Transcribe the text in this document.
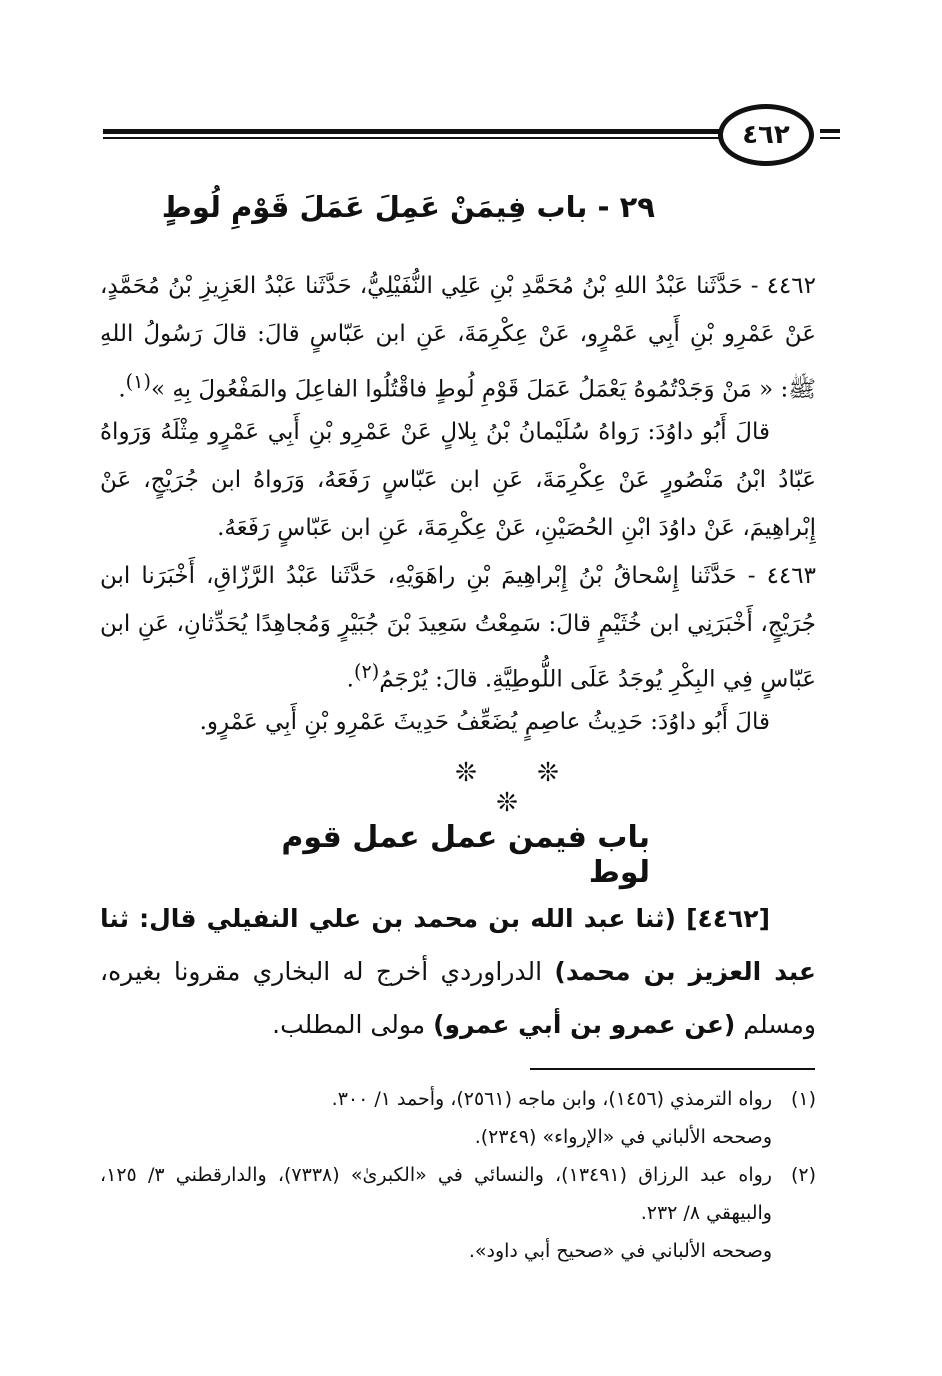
٤٦٢
٢٩ - باب فِيمَنْ عَمِلَ عَمَلَ قَوْمِ لُوطٍ
٤٤٦٢ - حَدَّثَنا عَبْدُ اللهِ بْنُ مُحَمَّدِ بْنِ عَلِي النُّفَيْلِيُّ، حَدَّثَنا عَبْدُ العَزِيزِ بْنُ مُحَمَّدٍ، عَنْ عَمْرِو بْنِ أَبِي عَمْرٍو، عَنْ عِكْرِمَةَ، عَنِ ابن عَبّاسٍ قالَ: قالَ رَسُولُ اللهِ ﷺ: « مَنْ وَجَدْتُمُوهُ يَعْمَلُ عَمَلَ قَوْمِ لُوطٍ فاقْتُلُوا الفاعِلَ والمَفْعُولَ بِهِ »$^{(١)}$.
قالَ أَبُو داوُدَ: رَواهُ سُلَيْمانُ بْنُ بِلالٍ عَنْ عَمْرِو بْنِ أَبِي عَمْرٍو مِثْلَهُ وَرَواهُ عَبّادُ ابْنُ مَنْصُورٍ عَنْ عِكْرِمَةَ، عَنِ ابن عَبّاسٍ رَفَعَهُ، وَرَواهُ ابن جُرَيْجٍ، عَنْ إِبْراهِيمَ، عَنْ داوُدَ ابْنِ الحُصَيْنِ، عَنْ عِكْرِمَةَ، عَنِ ابن عَبّاسٍ رَفَعَهُ.
٤٤٦٣ - حَدَّثَنا إِسْحاقُ بْنُ إِبْراهِيمَ بْنِ راهَوَيْهِ، حَدَّثَنا عَبْدُ الرَّزّاقِ، أَخْبَرَنا ابن جُرَيْجٍ، أَخْبَرَنِي ابن خُثَيْمٍ قالَ: سَمِعْتُ سَعِيدَ بْنَ جُبَيْرٍ وَمُجاهِدًا يُحَدِّثانِ، عَنِ ابن عَبّاسٍ فِي البِكْرِ يُوجَدُ عَلَى اللُّوطِيَّةِ. قالَ: يُرْجَمُ$^{(٢)}$.
قالَ أَبُو داوُدَ: حَدِيثُ عاصِمٍ يُضَعِّفُ حَدِيثَ عَمْرِو بْنِ أَبِي عَمْرٍو.
❊ ❊ ❊
باب فيمن عمل عمل قوم لوط
[٤٤٦٢] (ثنا عبد الله بن محمد بن علي النفيلي قال: ثنا عبد العزيز بن محمد) الدراوردي أخرج له البخاري مقرونا بغيره، ومسلم (عن عمرو بن أبي عمرو) مولى المطلب.
(١)
رواه الترمذي (١٤٥٦)، وابن ماجه (٢٥٦١)، وأحمد ١/ ٣٠٠.
وصححه الألباني في «الإرواء» (٢٣٤٩).
(٢)
رواه عبد الرزاق (١٣٤٩١)، والنسائي في «الكبرىٰ» (٧٣٣٨)، والدارقطني ٣/ ١٢٥، والبيهقي ٨/ ٢٣٢.
وصححه الألباني في «صحيح أبي داود».
